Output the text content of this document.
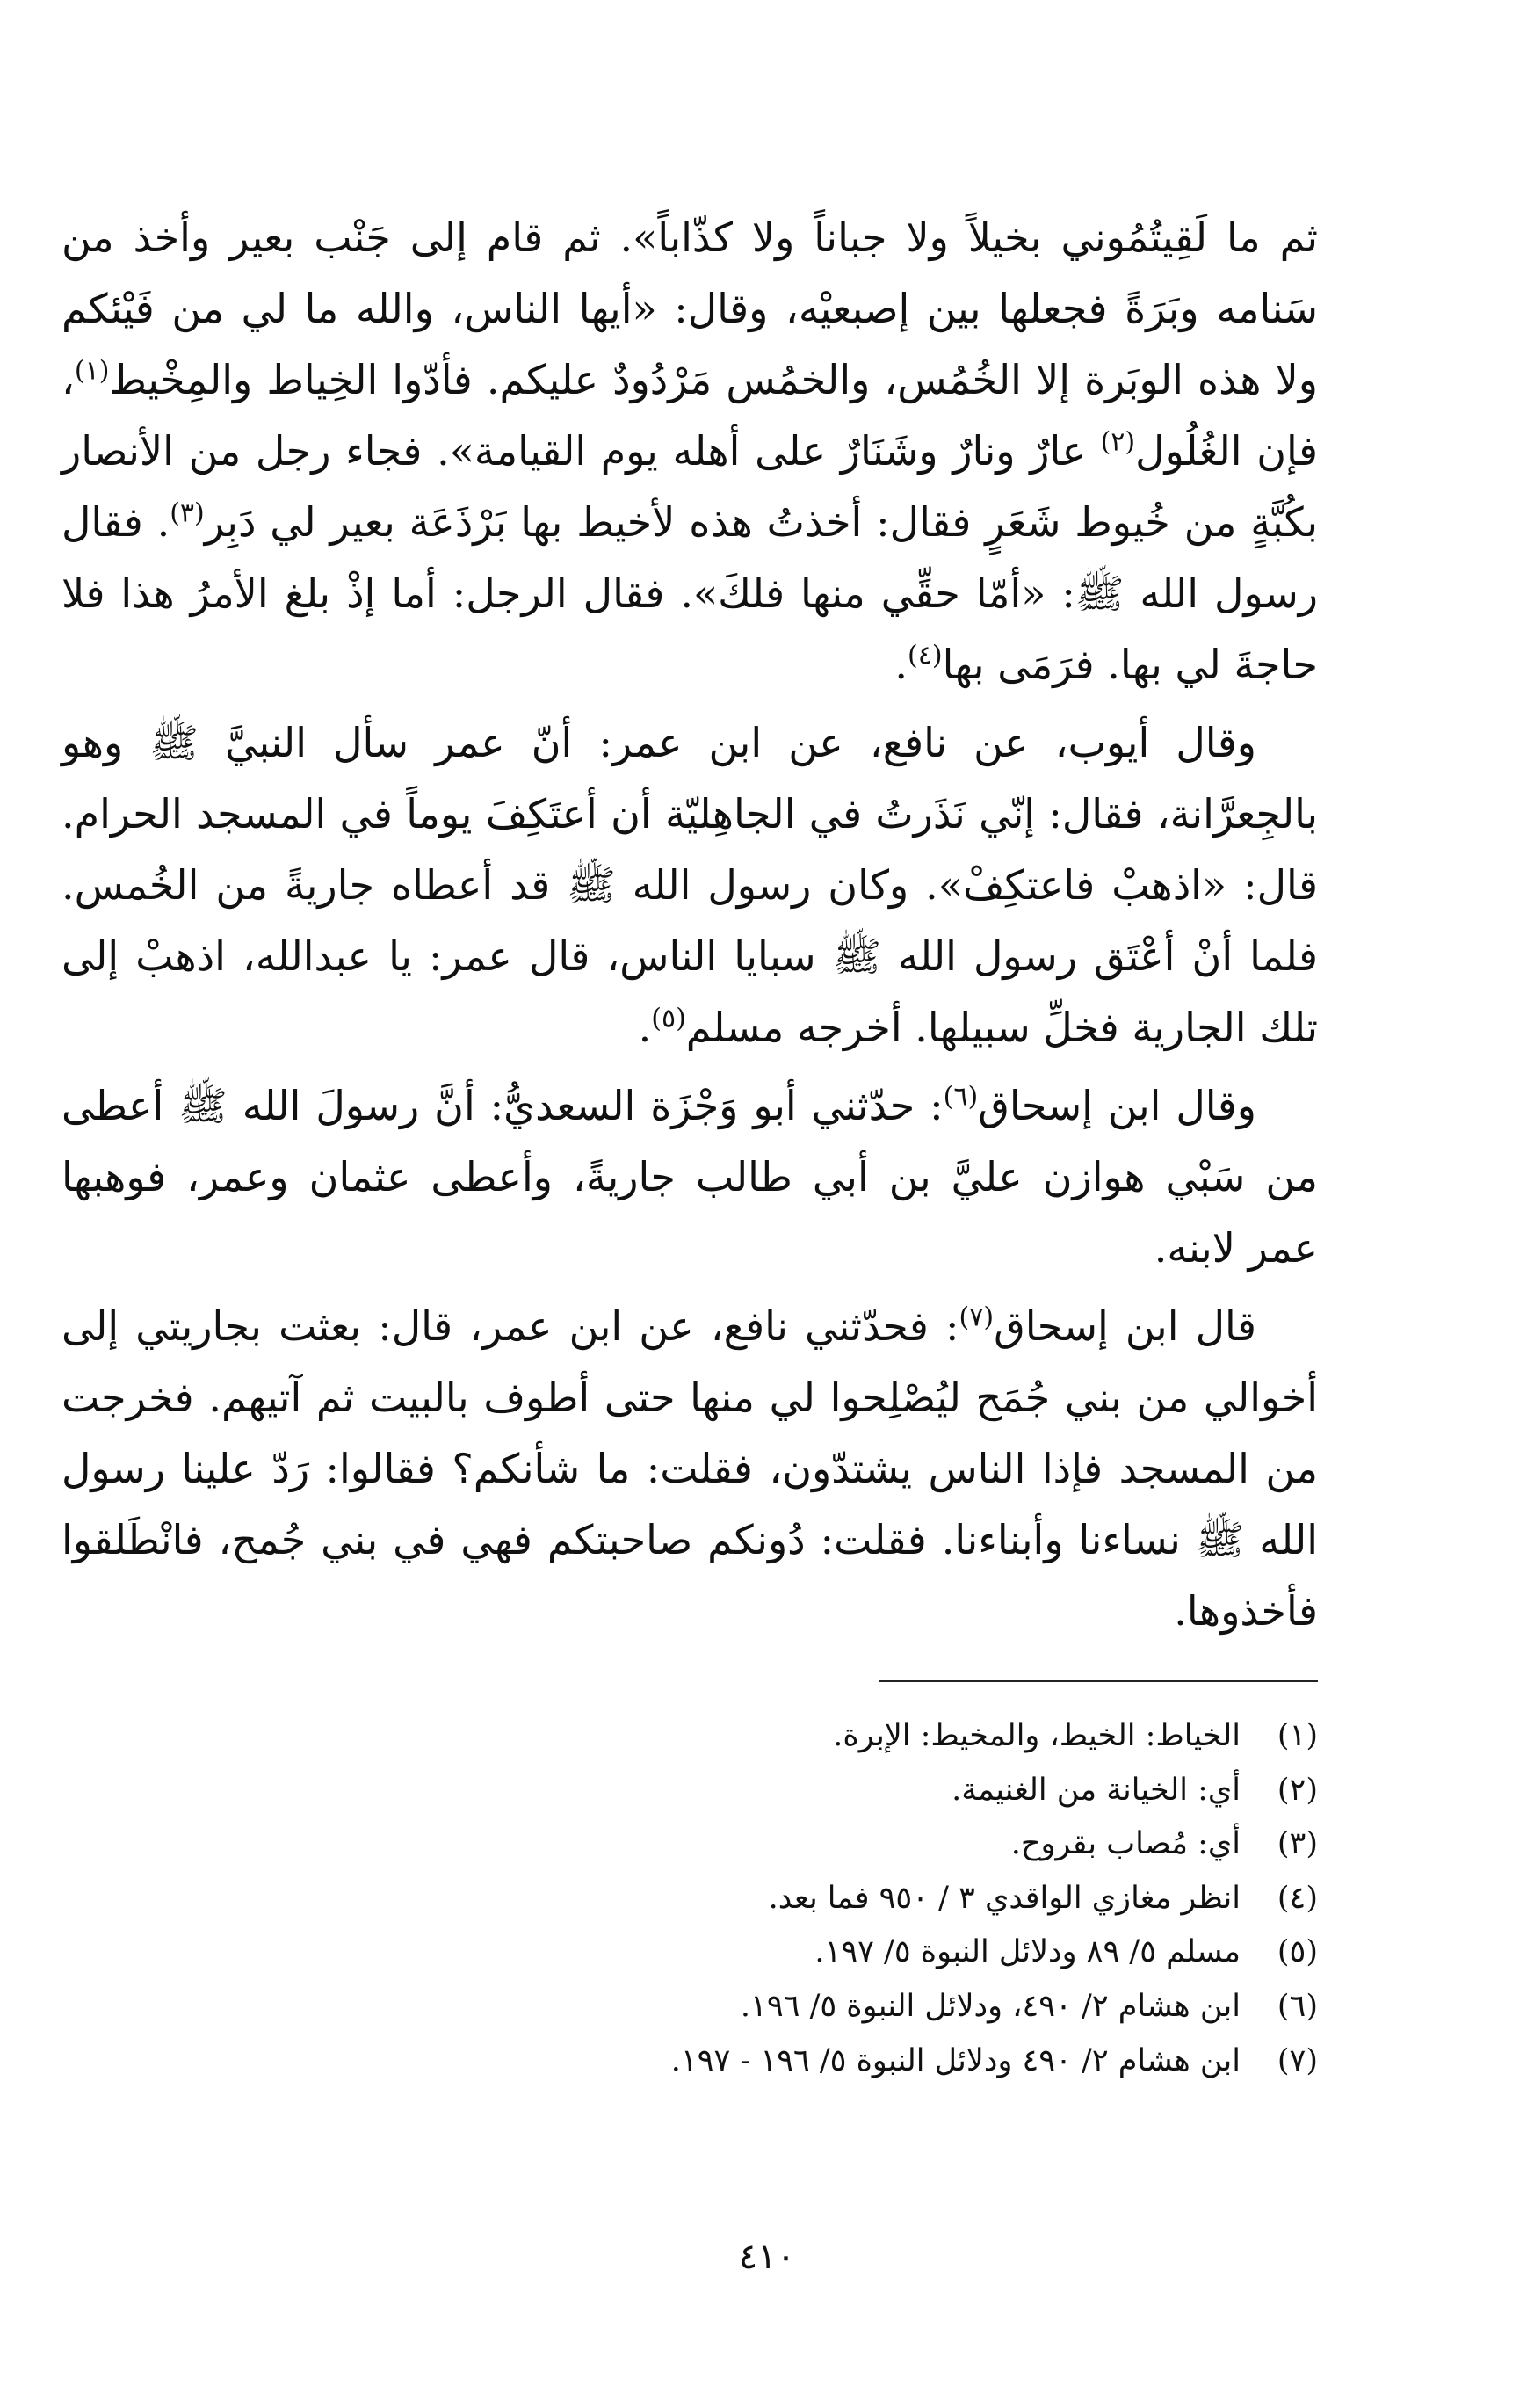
ثم ما لَقِيتُمُوني بخيلاً ولا جباناً ولا كذّاباً». ثم قام إلى جَنْب بعير وأخذ من سَنامه وبَرَةً فجعلها بين إصبعيْه، وقال: «أيها الناس، والله ما لي من فَيْئكم ولا هذه الوبَرة إلا الخُمُس، والخمُس مَرْدُودٌ عليكم. فأدّوا الخِياط والمِخْيط$^{(١)}$، فإن الغُلُول$^{(٢)}$ عارٌ ونارٌ وشَنَارٌ على أهله يوم القيامة». فجاء رجل من الأنصار بكُبَّةٍ من خُيوط شَعَرٍ فقال: أخذتُ هذه لأخيط بها بَرْذَعَة بعير لي دَبِر$^{(٣)}$. فقال رسول الله ﷺ: «أمّا حقِّي منها فلكَ». فقال الرجل: أما إذْ بلغ الأمرُ هذا فلا حاجةَ لي بها. فرَمَى بها$^{(٤)}$.

وقال أيوب، عن نافع، عن ابن عمر: أنّ عمر سأل النبيَّ ﷺ وهو بالجِعرَّانة، فقال: إنّي نَذَرتُ في الجاهِليّة أن أعتَكِفَ يوماً في المسجد الحرام. قال: «اذهبْ فاعتكِفْ». وكان رسول الله ﷺ قد أعطاه جاريةً من الخُمس. فلما أنْ أعْتَق رسول الله ﷺ سبايا الناس، قال عمر: يا عبدالله، اذهبْ إلى تلك الجارية فخلِّ سبيلها. أخرجه مسلم$^{(٥)}$.

وقال ابن إسحاق$^{(٦)}$: حدّثني أبو وَجْزَة السعديُّ: أنَّ رسولَ الله ﷺ أعطى من سَبْي هوازن عليَّ بن أبي طالب جاريةً، وأعطى عثمان وعمر، فوهبها عمر لابنه.

قال ابن إسحاق$^{(٧)}$: فحدّثني نافع، عن ابن عمر، قال: بعثت بجاريتي إلى أخوالي من بني جُمَح ليُصْلِحوا لي منها حتى أطوف بالبيت ثم آتيهم. فخرجت من المسجد فإذا الناس يشتدّون، فقلت: ما شأنكم؟ فقالوا: رَدّ علينا رسول الله ﷺ نساءنا وأبناءنا. فقلت: دُونكم صاحبتكم فهي في بني جُمح، فانْطَلقوا فأخذوها.

(١)
الخياط: الخيط، والمخيط: الإبرة.
(٢)
أي: الخيانة من الغنيمة.
(٣)
أي: مُصاب بقروح.
(٤)
انظر مغازي الواقدي ٣ / ٩٥٠ فما بعد.
(٥)
مسلم ٥/ ٨٩ ودلائل النبوة ٥/ ١٩٧.
(٦)
ابن هشام ٢/ ٤٩٠، ودلائل النبوة ٥/ ١٩٦.
(٧)
ابن هشام ٢/ ٤٩٠ ودلائل النبوة ٥/ ١٩٦ - ١٩٧.
٤١٠
